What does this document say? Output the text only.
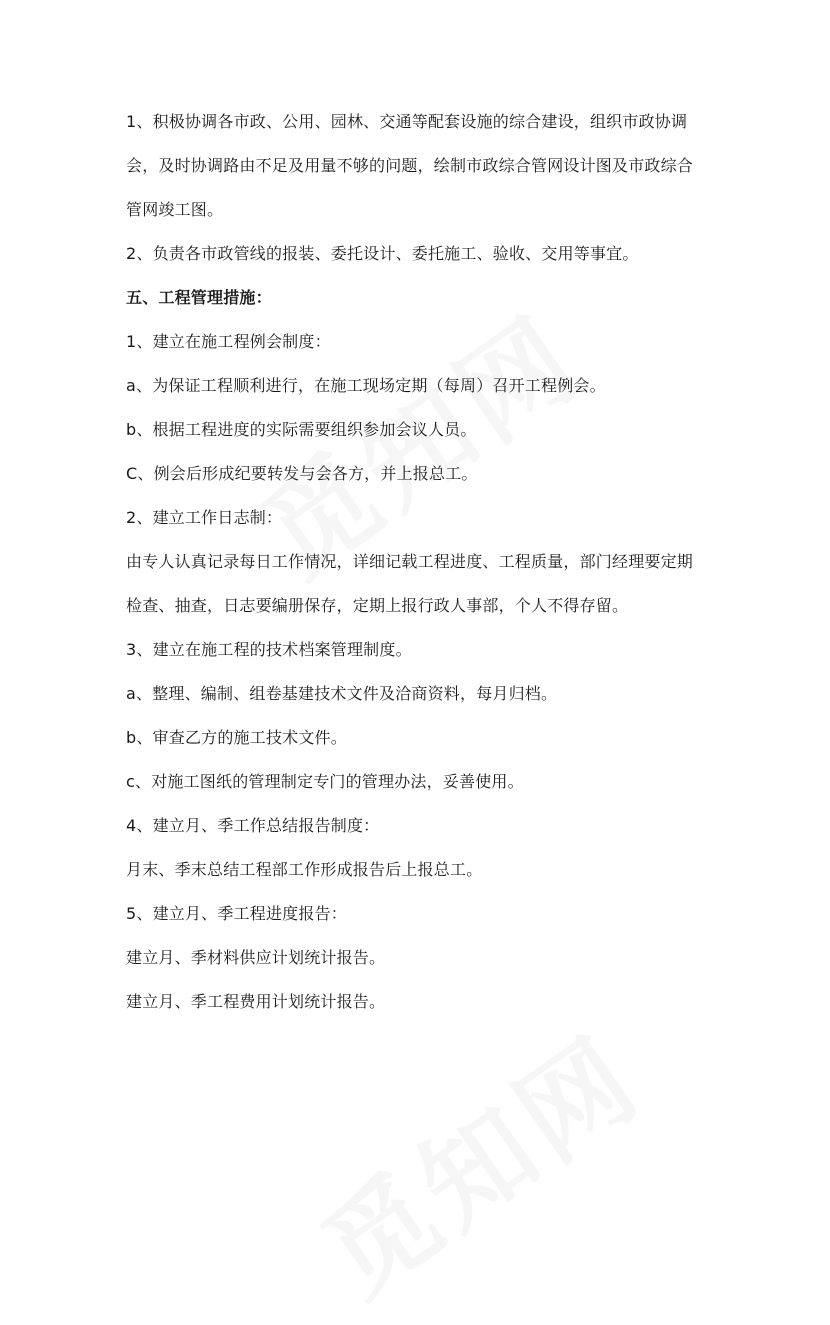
1、积极协调各市政、公用、园林、交通等配套设施的综合建设，组织市政协调
会，及时协调路由不足及用量不够的问题，绘制市政综合管网设计图及市政综合
管网竣工图。
2、负责各市政管线的报装、委托设计、委托施工、验收、交用等事宜。
五、工程管理措施：
1、建立在施工程例会制度：
a、为保证工程顺利进行，在施工现场定期（每周）召开工程例会。
b、根据工程进度的实际需要组织参加会议人员。
C、例会后形成纪要转发与会各方，并上报总工。
2、建立工作日志制：
由专人认真记录每日工作情况，详细记载工程进度、工程质量，部门经理要定期
检查、抽查，日志要编册保存，定期上报行政人事部，个人不得存留。
3、建立在施工程的技术档案管理制度。
a、整理、编制、组卷基建技术文件及洽商资料，每月归档。
b、审查乙方的施工技术文件。
c、对施工图纸的管理制定专门的管理办法，妥善使用。
4、建立月、季工作总结报告制度：
月末、季末总结工程部工作形成报告后上报总工。
5、建立月、季工程进度报告：
建立月、季材料供应计划统计报告。
建立月、季工程费用计划统计报告。
